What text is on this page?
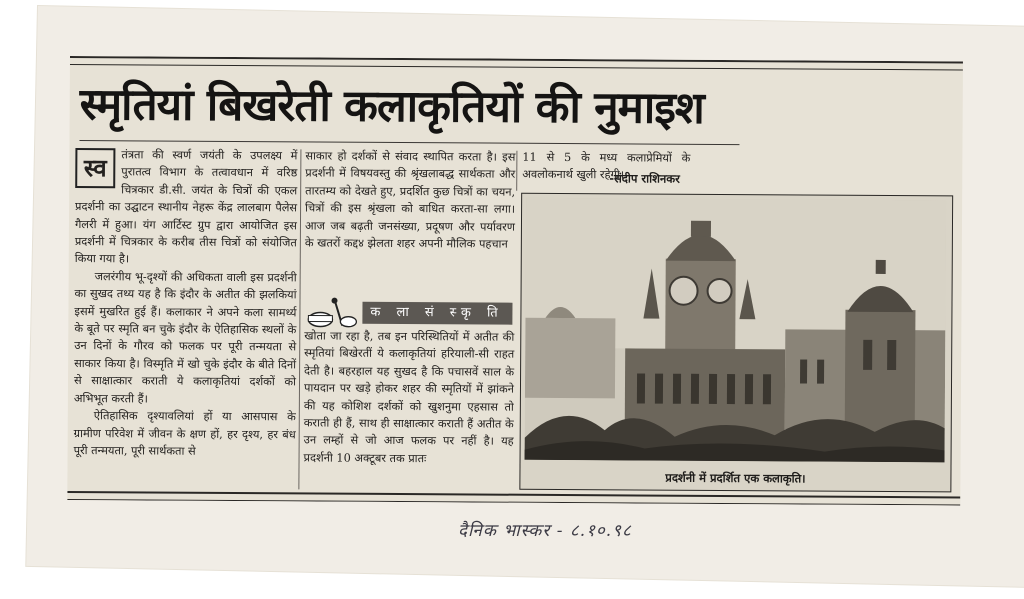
स्मृतियां बिखरेती कलाकृतियों की नुमाइश

स्व	तंत्रता की स्वर्ण जयंती के उपलक्ष्य में पुरातत्व विभाग के तत्वावधान में वरिष्ठ चित्रकार डी.सी. जयंत के चित्रों की एकल प्रदर्शनी का उद्घाटन स्थानीय नेहरू केंद्र लालबाग पैलेस गैलरी में हुआ। यंग आर्टिस्ट ग्रुप द्वारा आयोजित इस प्रदर्शनी में चित्रकार के करीब तीस चित्रों को संयोजित किया गया है।

जलरंगीय भू-दृश्यों की अधिकता वाली इस प्रदर्शनी का सुखद तथ्य यह है कि इंदौर के अतीत की झलकियां इसमें मुखरित हुई हैं। कलाकार ने अपने कला सामर्थ्य के बूते पर स्मृति बन चुके इंदौर के ऐतिहासिक स्थलों के उन दिनों के गौरव को फलक पर पूरी तन्मयता से साकार किया है। विस्मृति में खो चुके इंदौर के बीते दिनों से साक्षात्कार कराती ये कलाकृतियां दर्शकों को अभिभूत करती हैं।

ऐतिहासिक दृश्यावलियां हों या आसपास के ग्रामीण परिवेश में जीवन के क्षण हों, हर दृश्य, हर बंध पूरी तन्मयता, पूरी सार्थकता से

साकार हो दर्शकों से संवाद स्थापित करता है। इस प्रदर्शनी में विषयवस्तु की श्रृंखलाबद्ध सार्थकता और तारतम्य को देखते हुए, प्रदर्शित कुछ चित्रों का चयन, चित्रों की इस श्रृंखला को बाधित करता-सा लगा। आज जब बढ़ती जनसंख्या, प्रदूषण और पर्यावरण के खतरों कद्द४ झेलता शहर अपनी मौलिक पहचान

क ला सं स्कृ ति

खोता जा रहा है, तब इन परिस्थितियों में अतीत की स्मृतियां बिखेरतीं ये कलाकृतियां हरियाली-सी राहत देती है। बहरहाल यह सुखद है कि पचासवें साल के पायदान पर खड़े होकर शहर की स्मृतियों में झांकने की यह कोशिश दर्शकों को खुशनुमा एहसास तो कराती ही हैं, साथ ही साक्षात्कार कराती हैं अतीत के उन लम्हों से जो आज फलक पर नहीं है। यह प्रदर्शनी 10 अक्टूबर तक प्रातः

11 से 5 के मध्य कलाप्रेमियों के अवलोकनार्थ खुली रहेगी।

-संदीप राशिनकर
प्रदर्शनी में प्रदर्शित एक कलाकृति।
दैनिक भास्कर - ८.१०.९८
